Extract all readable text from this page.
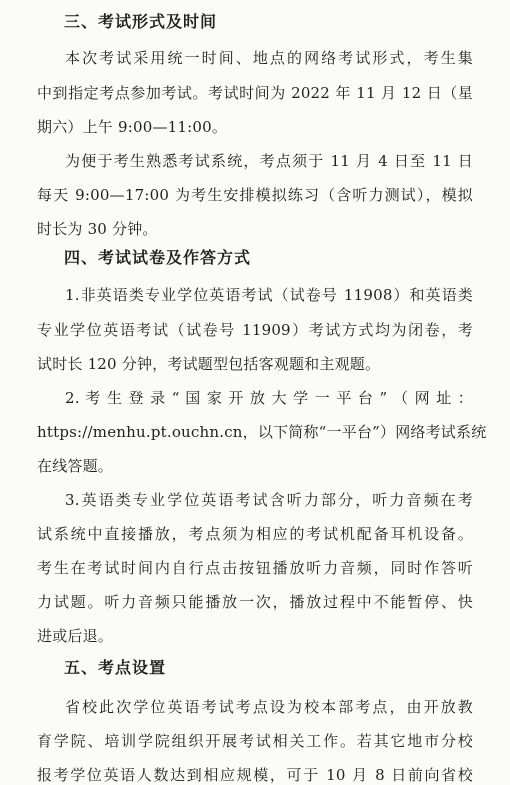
三、考试形式及时间
本次考试采用统一时间、地点的网络考试形式，考生集
中到指定考点参加考试。考试时间为 2022 年 11 月 12 日（星
期六）上午 9:00—11:00。
为便于考生熟悉考试系统，考点须于 11 月 4 日至 11 日
每天 9:00—17:00 为考生安排模拟练习（含听力测试），模拟
时长为 30 分钟。
四、考试试卷及作答方式
1.非英语类专业学位英语考试（试卷号 11908）和英语类
专业学位英语考试（试卷号 11909）考试方式均为闭卷，考
试时长 120 分钟，考试题型包括客观题和主观题。
2. 考 生 登 录 “ 国 家 开 放 大 学 一 平 台 ” （ 网 址 ：
https://menhu.pt.ouchn.cn，以下简称“一平台”）网络考试系统
在线答题。
3.英语类专业学位英语考试含听力部分，听力音频在考
试系统中直接播放，考点须为相应的考试机配备耳机设备。
考生在考试时间内自行点击按钮播放听力音频，同时作答听
力试题。听力音频只能播放一次，播放过程中不能暂停、快
进或后退。
五、考点设置
省校此次学位英语考试考点设为校本部考点，由开放教
育学院、培训学院组织开展考试相关工作。若其它地市分校
报考学位英语人数达到相应规模，可于 10 月 8 日前向省校
